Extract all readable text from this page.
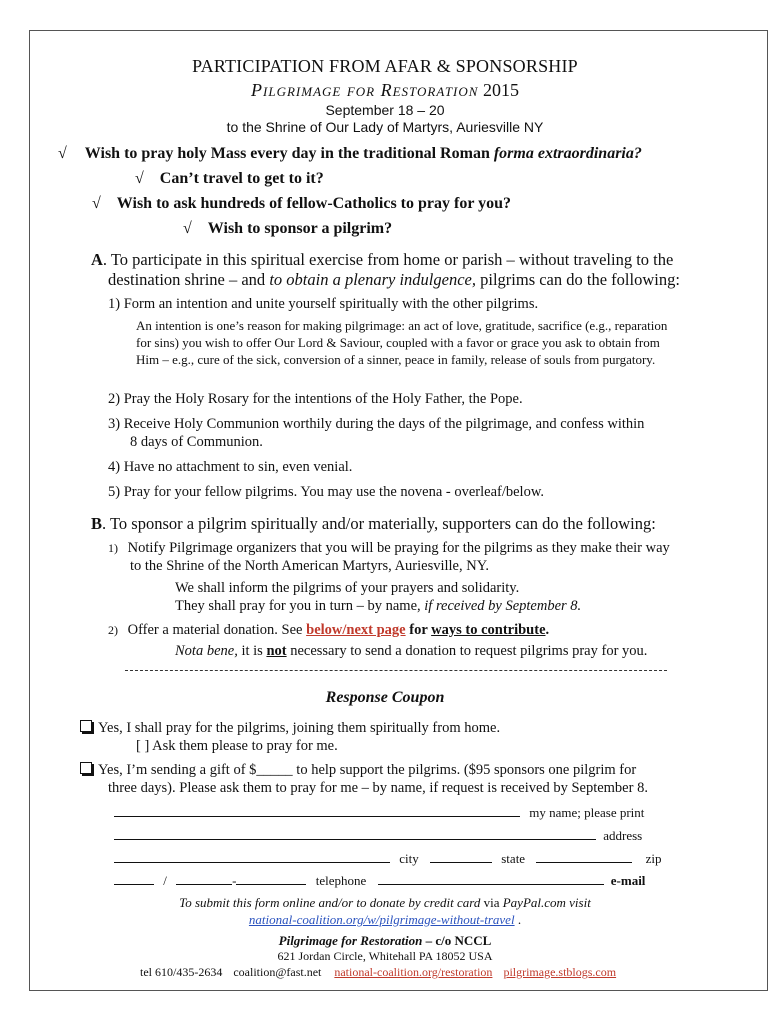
PARTICIPATION FROM AFAR & SPONSORSHIP
Pilgrimage for Restoration 2015
September 18 – 20
to the Shrine of Our Lady of Martyrs, Auriesville NY
√ Wish to pray holy Mass every day in the traditional Roman forma extraordinaria?
√ Can’t travel to get to it?
√ Wish to ask hundreds of fellow-Catholics to pray for you?
√ Wish to sponsor a pilgrim?
A. To participate in this spiritual exercise from home or parish – without traveling to the
destination shrine – and to obtain a plenary indulgence, pilgrims can do the following:
1) Form an intention and unite yourself spiritually with the other pilgrims.
An intention is one’s reason for making pilgrimage: an act of love, gratitude, sacrifice (e.g., reparation for sins) you wish to offer Our Lord & Saviour, coupled with a favor or grace you ask to obtain from Him – e.g., cure of the sick, conversion of a sinner, peace in family, release of souls from purgatory.
2) Pray the Holy Rosary for the intentions of the Holy Father, the Pope.
3) Receive Holy Communion worthily during the days of the pilgrimage, and confess within
8 days of Communion.
4) Have no attachment to sin, even venial.
5) Pray for your fellow pilgrims. You may use the novena - overleaf/below.
B. To sponsor a pilgrim spiritually and/or materially, supporters can do the following:
1) Notify Pilgrimage organizers that you will be praying for the pilgrims as they make their way
to the Shrine of the North American Martyrs, Auriesville, NY.
We shall inform the pilgrims of your prayers and solidarity.
They shall pray for you in turn – by name, if received by September 8.
2) Offer a material donation. See below/next page for ways to contribute.
Nota bene, it is not necessary to send a donation to request pilgrims pray for you.
Response Coupon
Yes, I shall pray for the pilgrims, joining them spiritually from home.
[ ] Ask them please to pray for me.
Yes, I’m sending a gift of $_____ to help support the pilgrims. ($95 sponsors one pilgrim for
three days). Please ask them to pray for me – by name, if request is received by September 8.
my name; please print
address
city	state	zip
/	-	telephone	e-mail
To submit this form online and/or to donate by credit card via PayPal.com visit
national-coalition.org/w/pilgrimage-without-travel .
Pilgrimage for Restoration – c/o NCCL
621 Jordan Circle, Whitehall PA 18052 USA
tel 610/435-2634 coalition@fast.net national-coalition.org/restoration pilgrimage.stblogs.com
